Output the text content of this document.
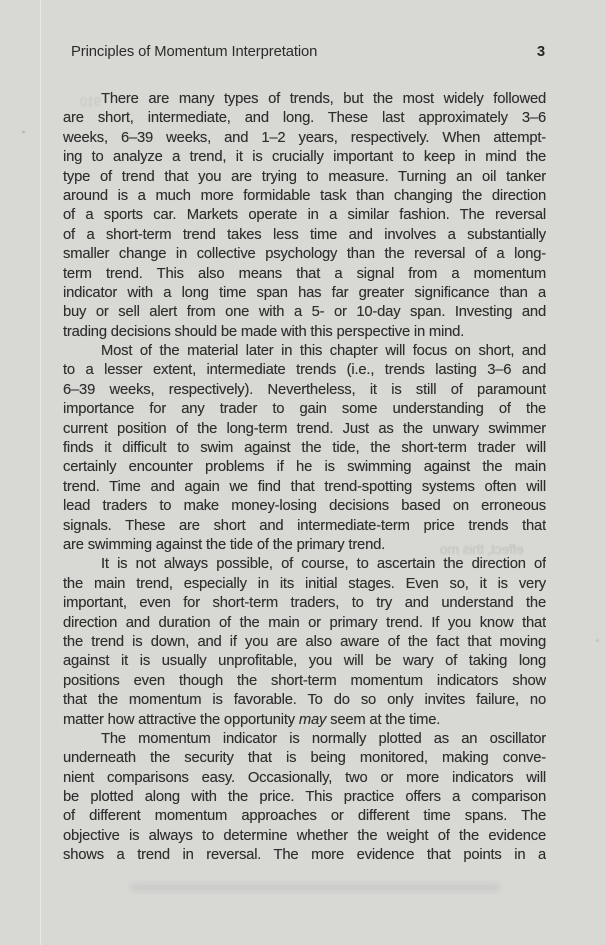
Principles of Momentum Interpretation	3
There are many types of trends, but the most widely followed
are short, intermediate, and long. These last approximately 3–6
weeks, 6–39 weeks, and 1–2 years, respectively. When attempt-
ing to analyze a trend, it is crucially important to keep in mind the
type of trend that you are trying to measure. Turning an oil tanker
around is a much more formidable task than changing the direction
of a sports car. Markets operate in a similar fashion. The reversal
of a short-term trend takes less time and involves a substantially
smaller change in collective psychology than the reversal of a long-
term trend. This also means that a signal from a momentum
indicator with a long time span has far greater significance than a
buy or sell alert from one with a 5- or 10-day span. Investing and
trading decisions should be made with this perspective in mind.
Most of the material later in this chapter will focus on short, and
to a lesser extent, intermediate trends (i.e., trends lasting 3–6 and
6–39 weeks, respectively). Nevertheless, it is still of paramount
importance for any trader to gain some understanding of the
current position of the long-term trend. Just as the unwary swimmer
finds it difficult to swim against the tide, the short-term trader will
certainly encounter problems if he is swimming against the main
trend. Time and again we find that trend-spotting systems often will
lead traders to make money-losing decisions based on erroneous
signals. These are short and intermediate-term price trends that
are swimming against the tide of the primary trend.
It is not always possible, of course, to ascertain the direction of
the main trend, especially in its initial stages. Even so, it is very
important, even for short-term traders, to try and understand the
direction and duration of the main or primary trend. If you know that
the trend is down, and if you are also aware of the fact that moving
against it is usually unprofitable, you will be wary of taking long
positions even though the short-term momentum indicators show
that the momentum is favorable. To do so only invites failure, no
matter how attractive the opportunity may seem at the time.
The momentum indicator is normally plotted as an oscillator
underneath the security that is being monitored, making conve-
nient comparisons easy. Occasionally, two or more indicators will
be plotted along with the price. This practice offers a comparison
of different momentum approaches or different time spans. The
objective is always to determine whether the weight of the evidence
shows a trend in reversal. The more evidence that points in a
effect, this mo
910
